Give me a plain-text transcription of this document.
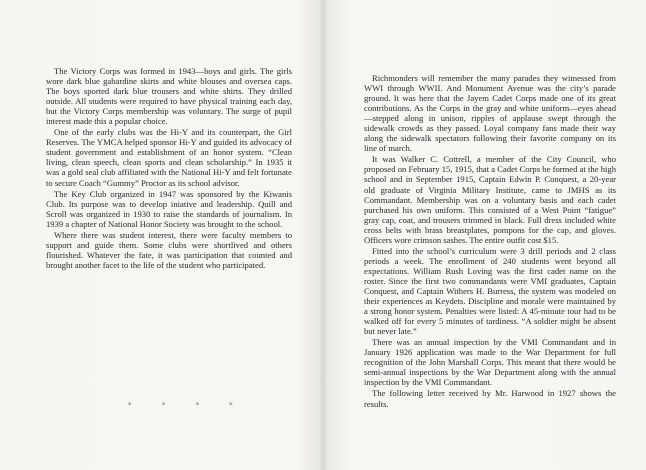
The Victory Corps was formed in 1943—boys and girls. The girls wore dark blue gabardine skirts and white blouses and oversea caps. The boys sported dark blue trousers and white shirts. They drilled outside. All students were required to have physical training each day, but the Victory Corps membership was voluntary. The surge of pupil interest made this a popular choice.

One of the early clubs was the Hi-Y and its counterpart, the Girl Reserves. The YMCA helped sponsor Hi-Y and guided its advocacy of student government and establishment of an honor system. “Clean living, clean speech, clean sports and clean scholarship.” In 1935 it was a gold seal club affiliated with the National Hi-Y and felt fortunate to secure Coach “Gummy” Proctor as its school advisor.

The Key Club organized in 1947 was sponsored by the Kiwanis Club. Its purpose was to develop iniative and leadership. Quill and Scroll was organized in 1930 to raise the standards of journalism. In 1939 a chapter of National Honor Society was brought to the school.

Where there was student interest, there were faculty members to support and guide them. Some clubs were shortlived and others flourished. Whatever the fate, it was participation that counted and brought another facet to the life of the student who participated.

* * * *

Richmonders will remember the many parades they witnessed from WWI through WWII. And Monument Avenue was the city’s parade ground. It was here that the Jayem Cadet Corps made one of its great contributions. As the Corps in the gray and white uniform—eyes ahead—stepped along in unison, ripples of applause swept through the sidewalk crowds as they passed. Loyal company fans made their way along the sidewalk spectators following their favorite company on its line of march.

It was Walker C. Cottrell, a member of the City Council, who proposed on February 15, 1915, that a Cadet Corps be formed at the high school and in September 1915, Captain Edwin P. Conquest, a 20-year old graduate of Virginia Military Institute, came to JMHS as its Commandant. Membership was on a voluntary basis and each cadet purchased his own uniform. This consisted of a West Point “fatigue” gray cap, coat, and trousers trimmed in black. Full dress included white cross belts with brass breastplates, pompons for the cap, and gloves. Officers wore crimson sashes. The entire outfit cost $15.

Fitted into the school’s curriculum were 3 drill periods and 2 class periods a week. The enrollment of 240 students went beyond all expectations. William Rush Loving was the first cadet name on the roster. Since the first two commandants were VMI graduates, Captain Conquest, and Captain Withers H. Burress, the system was modeled on their experiences as Keydets. Discipline and morale were maintained by a strong honor system. Penalties were listed: A 45-minute tour had to be walked off for every 5 minutes of tardiness. “A soldier might be absent but never late.”

There was an annual inspection by the VMI Commandant and in January 1926 application was made to the War Department for full recognition of the John Marshall Corps. This meant that there would be semi-annual inspections by the War Department along with the annual inspection by the VMI Commandant.

The following letter received by Mr. Harwood in 1927 shows the results.
